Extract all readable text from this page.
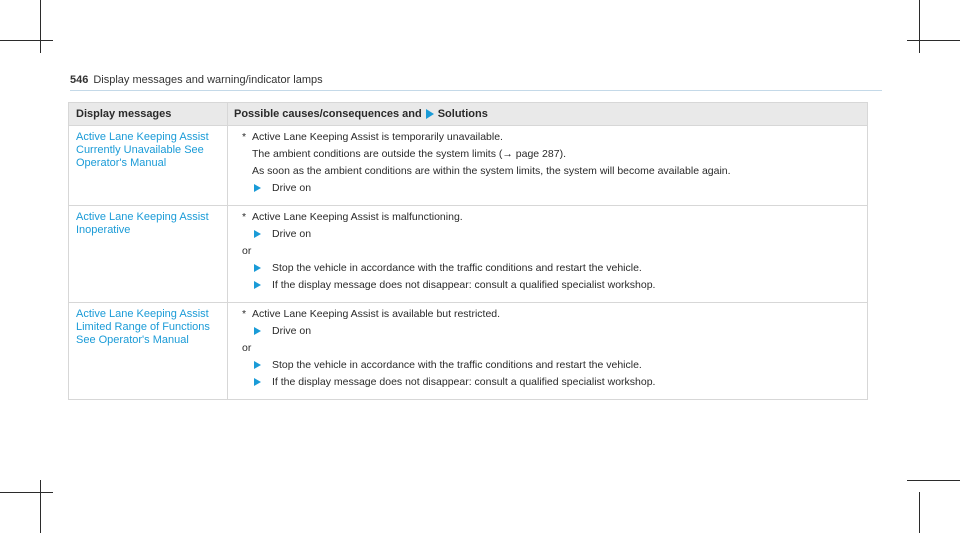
546 Display messages and warning/indicator lamps
Display messages	Possible causes/consequences and Solutions
Active Lane Keeping Assist
Currently Unavailable See
Operator's Manual
* Active Lane Keeping Assist is temporarily unavailable.
The ambient conditions are outside the system limits (→ page 287).
As soon as the ambient conditions are within the system limits, the system will become available again.
Drive on
Active Lane Keeping Assist
Inoperative
* Active Lane Keeping Assist is malfunctioning.
Drive on
or
Stop the vehicle in accordance with the traffic conditions and restart the vehicle.
If the display message does not disappear: consult a qualified specialist workshop.
Active Lane Keeping Assist
Limited Range of Functions
See Operator's Manual
* Active Lane Keeping Assist is available but restricted.
Drive on
or
Stop the vehicle in accordance with the traffic conditions and restart the vehicle.
If the display message does not disappear: consult a qualified specialist workshop.
